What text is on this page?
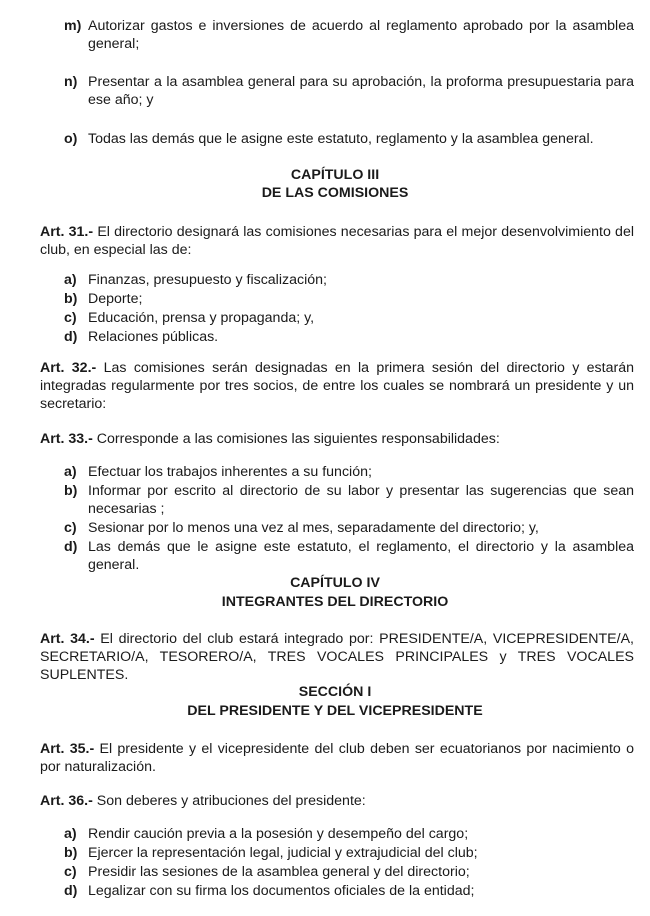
m) Autorizar gastos e inversiones de acuerdo al reglamento aprobado por la asamblea general;
n) Presentar a la asamblea general para su aprobación, la proforma presupuestaria para ese año; y
o) Todas las demás que le asigne este estatuto, reglamento y la asamblea general.
CAPÍTULO III
DE LAS COMISIONES
Art. 31.- El directorio designará las comisiones necesarias para el mejor desenvolvimiento del club, en especial las de:
a) Finanzas, presupuesto y fiscalización;
b) Deporte;
c) Educación, prensa y propaganda; y,
d) Relaciones públicas.
Art. 32.- Las comisiones serán designadas en la primera sesión del directorio y estarán integradas regularmente por tres socios, de entre los cuales se nombrará un presidente y un secretario:
Art. 33.- Corresponde a las comisiones las siguientes responsabilidades:
a) Efectuar los trabajos inherentes a su función;
b) Informar por escrito al directorio de su labor y presentar las sugerencias que sean necesarias ;
c) Sesionar por lo menos una vez al mes, separadamente del directorio; y,
d) Las demás que le asigne este estatuto, el reglamento, el directorio y la asamblea general.
CAPÍTULO IV
INTEGRANTES DEL DIRECTORIO
Art. 34.- El directorio del club estará integrado por: PRESIDENTE/A, VICEPRESIDENTE/A, SECRETARIO/A, TESORERO/A, TRES VOCALES PRINCIPALES y TRES VOCALES SUPLENTES.
SECCIÓN I
DEL PRESIDENTE Y DEL VICEPRESIDENTE
Art. 35.- El presidente y el vicepresidente del club deben ser ecuatorianos por nacimiento o por naturalización.
Art. 36.- Son deberes y atribuciones del presidente:
a) Rendir caución previa a la posesión y desempeño del cargo;
b) Ejercer la representación legal, judicial y extrajudicial del club;
c) Presidir las sesiones de la asamblea general y del directorio;
d) Legalizar con su firma los documentos oficiales de la entidad;
